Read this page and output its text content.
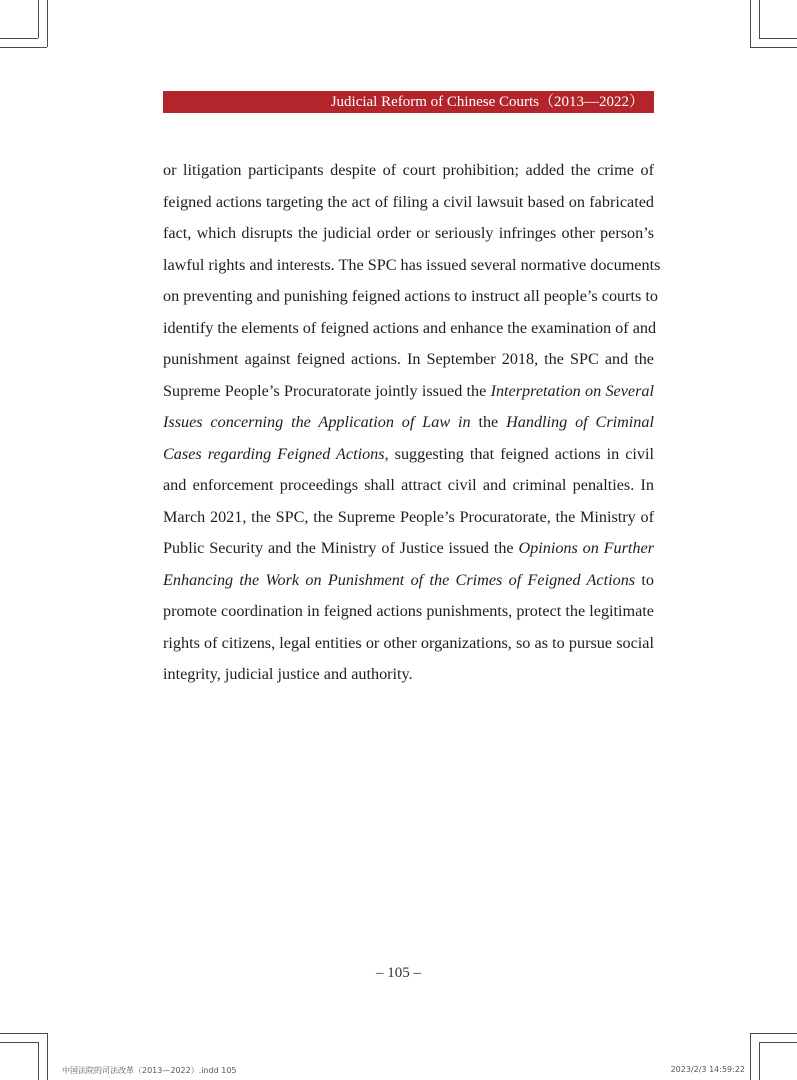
Judicial Reform of Chinese Courts（2013—2022）
or litigation participants despite of court prohibition; added the crime of
feigned actions targeting the act of filing a civil lawsuit based on fabricated
fact, which disrupts the judicial order or seriously infringes other person’s
lawful rights and interests. The SPC has issued several normative documents
on preventing and punishing feigned actions to instruct all people’s courts to
identify the elements of feigned actions and enhance the examination of and
punishment against feigned actions. In September 2018, the SPC and the
Supreme People’s Procuratorate jointly issued the Interpretation on Several
Issues concerning the Application of Law in the Handling of Criminal
Cases regarding Feigned Actions, suggesting that feigned actions in civil
and enforcement proceedings shall attract civil and criminal penalties. In
March 2021, the SPC, the Supreme People’s Procuratorate, the Ministry of
Public Security and the Ministry of Justice issued the Opinions on Further
Enhancing the Work on Punishment of the Crimes of Feigned Actions to
promote coordination in feigned actions punishments, protect the legitimate
rights of citizens, legal entities or other organizations, so as to pursue social
integrity, judicial justice and authority.
– 105 –
中国法院的司法改革（2013—2022）.indd 105	2023/2/3 14:59:22
